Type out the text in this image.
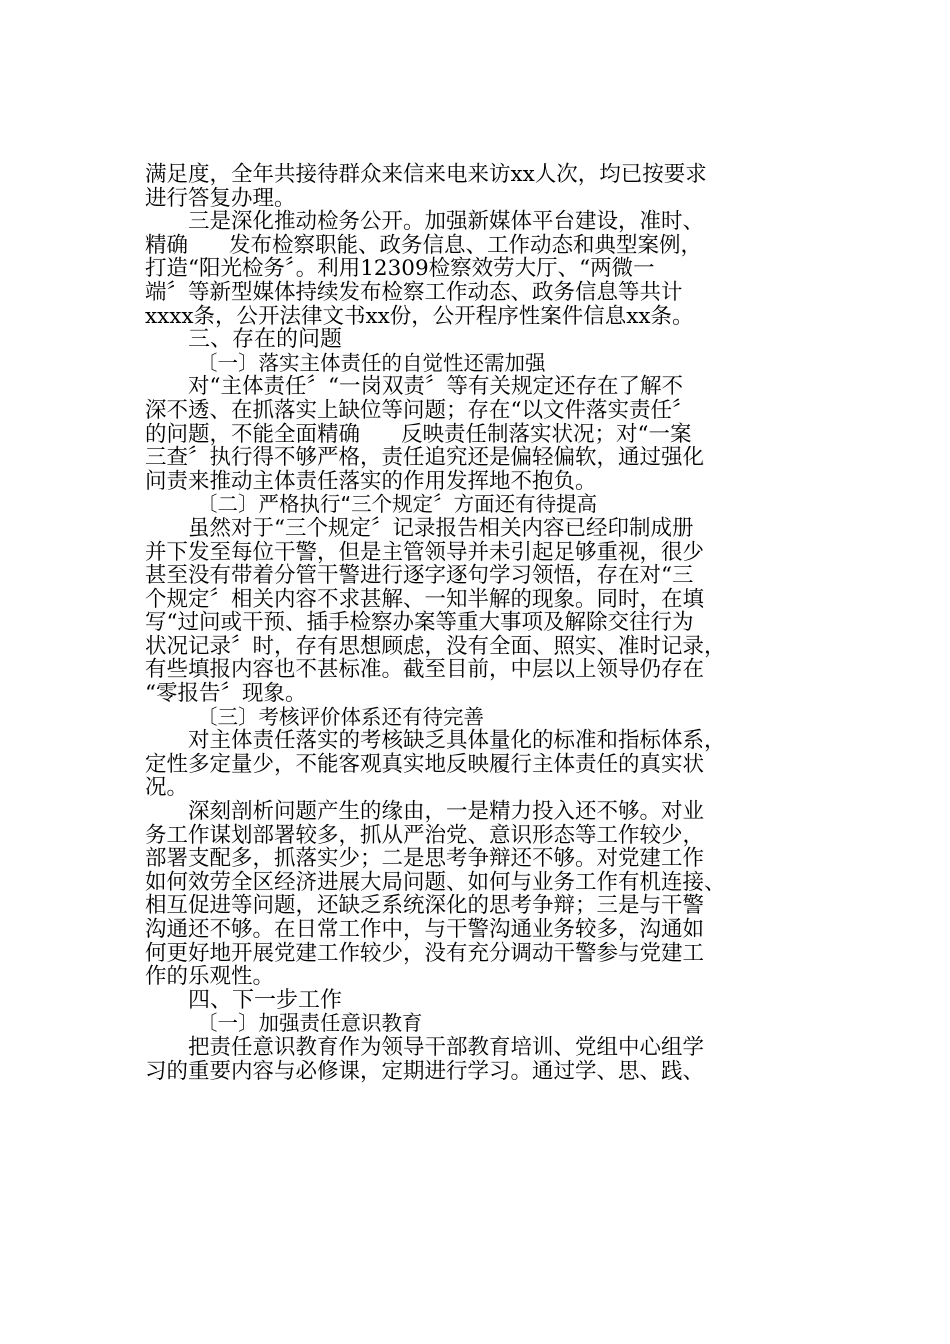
满足度，全年共接待群众来信来电来访xx人次，均已按要求
进行答复办理。
三是深化推动检务公开。加强新媒体平台建设，准时、
精确      发布检察职能、政务信息、工作动态和典型案例，
打造“阳光检务〞。利用12309检察效劳大厅、“两微一
端〞等新型媒体持续发布检察工作动态、政务信息等共计
xxxx条，公开法律文书xx份，公开程序性案件信息xx条。
三、存在的问题
〔一〕落实主体责任的自觉性还需加强
对“主体责任〞“一岗双责〞等有关规定还存在了解不
深不透、在抓落实上缺位等问题；存在“以文件落实责任〞
的问题，不能全面精确      反映责任制落实状况；对“一案
三查〞执行得不够严格，责任追究还是偏轻偏软，通过强化
问责来推动主体责任落实的作用发挥地不抱负。
〔二〕严格执行“三个规定〞方面还有待提高
虽然对于“三个规定〞记录报告相关内容已经印制成册
并下发至每位干警，但是主管领导并未引起足够重视，很少
甚至没有带着分管干警进行逐字逐句学习领悟，存在对“三
个规定〞相关内容不求甚解、一知半解的现象。同时，在填
写“过问或干预、插手检察办案等重大事项及解除交往行为
状况记录〞时，存有思想顾虑，没有全面、照实、准时记录，
有些填报内容也不甚标准。截至目前，中层以上领导仍存在
“零报告〞现象。
〔三〕考核评价体系还有待完善
对主体责任落实的考核缺乏具体量化的标准和指标体系，
定性多定量少，不能客观真实地反映履行主体责任的真实状
况。
深刻剖析问题产生的缘由，一是精力投入还不够。对业
务工作谋划部署较多，抓从严治党、意识形态等工作较少，
部署支配多，抓落实少；二是思考争辩还不够。对党建工作
如何效劳全区经济进展大局问题、如何与业务工作有机连接、
相互促进等问题，还缺乏系统深化的思考争辩；三是与干警
沟通还不够。在日常工作中，与干警沟通业务较多，沟通如
何更好地开展党建工作较少，没有充分调动干警参与党建工
作的乐观性。
四、下一步工作
〔一〕加强责任意识教育
把责任意识教育作为领导干部教育培训、党组中心组学
习的重要内容与必修课，定期进行学习。通过学、思、践、
